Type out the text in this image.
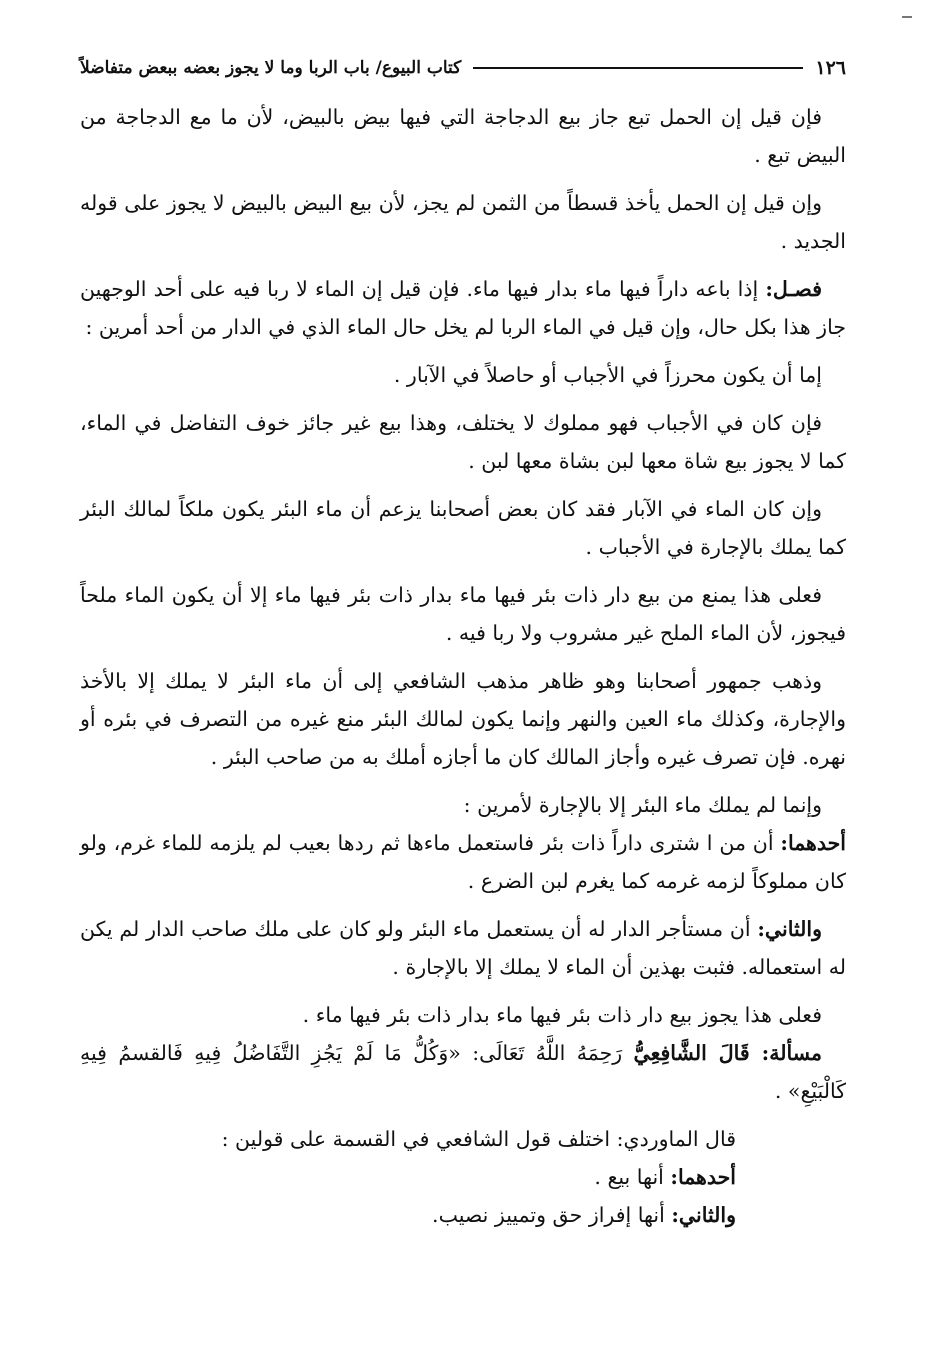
١٢٦
كتاب البيوع/ باب الربا وما لا يجوز بعضه ببعض متفاضلاً

فإن قيل إن الحمل تبع جاز بيع الدجاجة التي فيها بيض بالبيض، لأن ما مع الدجاجة من البيض تبع .

وإن قيل إن الحمل يأخذ قسطاً من الثمن لم يجز، لأن بيع البيض بالبيض لا يجوز على قوله الجديد .

فصـل: إذا باعه داراً فيها ماء بدار فيها ماء. فإن قيل إن الماء لا ربا فيه على أحد الوجهين جاز هذا بكل حال، وإن قيل في الماء الربا لم يخل حال الماء الذي في الدار من أحد أمرين :

إما أن يكون محرزاً في الأجباب أو حاصلاً في الآبار .

فإن كان في الأجباب فهو مملوك لا يختلف، وهذا بيع غير جائز خوف التفاضل في الماء، كما لا يجوز بيع شاة معها لبن بشاة معها لبن .

وإن كان الماء في الآبار فقد كان بعض أصحابنا يزعم أن ماء البئر يكون ملكاً لمالك البئر كما يملك بالإجارة في الأجباب .

فعلى هذا يمنع من بيع دار ذات بئر فيها ماء بدار ذات بئر فيها ماء إلا أن يكون الماء ملحاً فيجوز، لأن الماء الملح غير مشروب ولا ربا فيه .

وذهب جمهور أصحابنا وهو ظاهر مذهب الشافعي إلى أن ماء البئر لا يملك إلا بالأخذ والإجارة، وكذلك ماء العين والنهر وإنما يكون لمالك البئر منع غيره من التصرف في بئره أو نهره. فإن تصرف غيره وأجاز المالك كان ما أجازه أملك به من صاحب البئر .

وإنما لم يملك ماء البئر إلا بالإجارة لأمرين :

أحدهما: أن من ا شترى داراً ذات بئر فاستعمل ماءها ثم ردها بعيب لم يلزمه للماء غرم، ولو كان مملوكاً لزمه غرمه كما يغرم لبن الضرع .

والثاني: أن مستأجر الدار له أن يستعمل ماء البئر ولو كان على ملك صاحب الدار لم يكن له استعماله. فثبت بهذين أن الماء لا يملك إلا بالإجارة .

فعلى هذا يجوز بيع دار ذات بئر فيها ماء بدار ذات بئر فيها ماء .

مسألة: قَالَ الشَّافِعِيُّ رَحِمَهُ اللَّهُ تَعَالَى: «وَكُلُّ مَا لَمْ يَجُزِ التَّفَاضُلُ فِيهِ فَالقسمُ فِيهِ كَالْبَيْعِ» .

قال الماوردي: اختلف قول الشافعي في القسمة على قولين :

أحدهما: أنها بيع .

والثاني: أنها إفراز حق وتمييز نصيب.
